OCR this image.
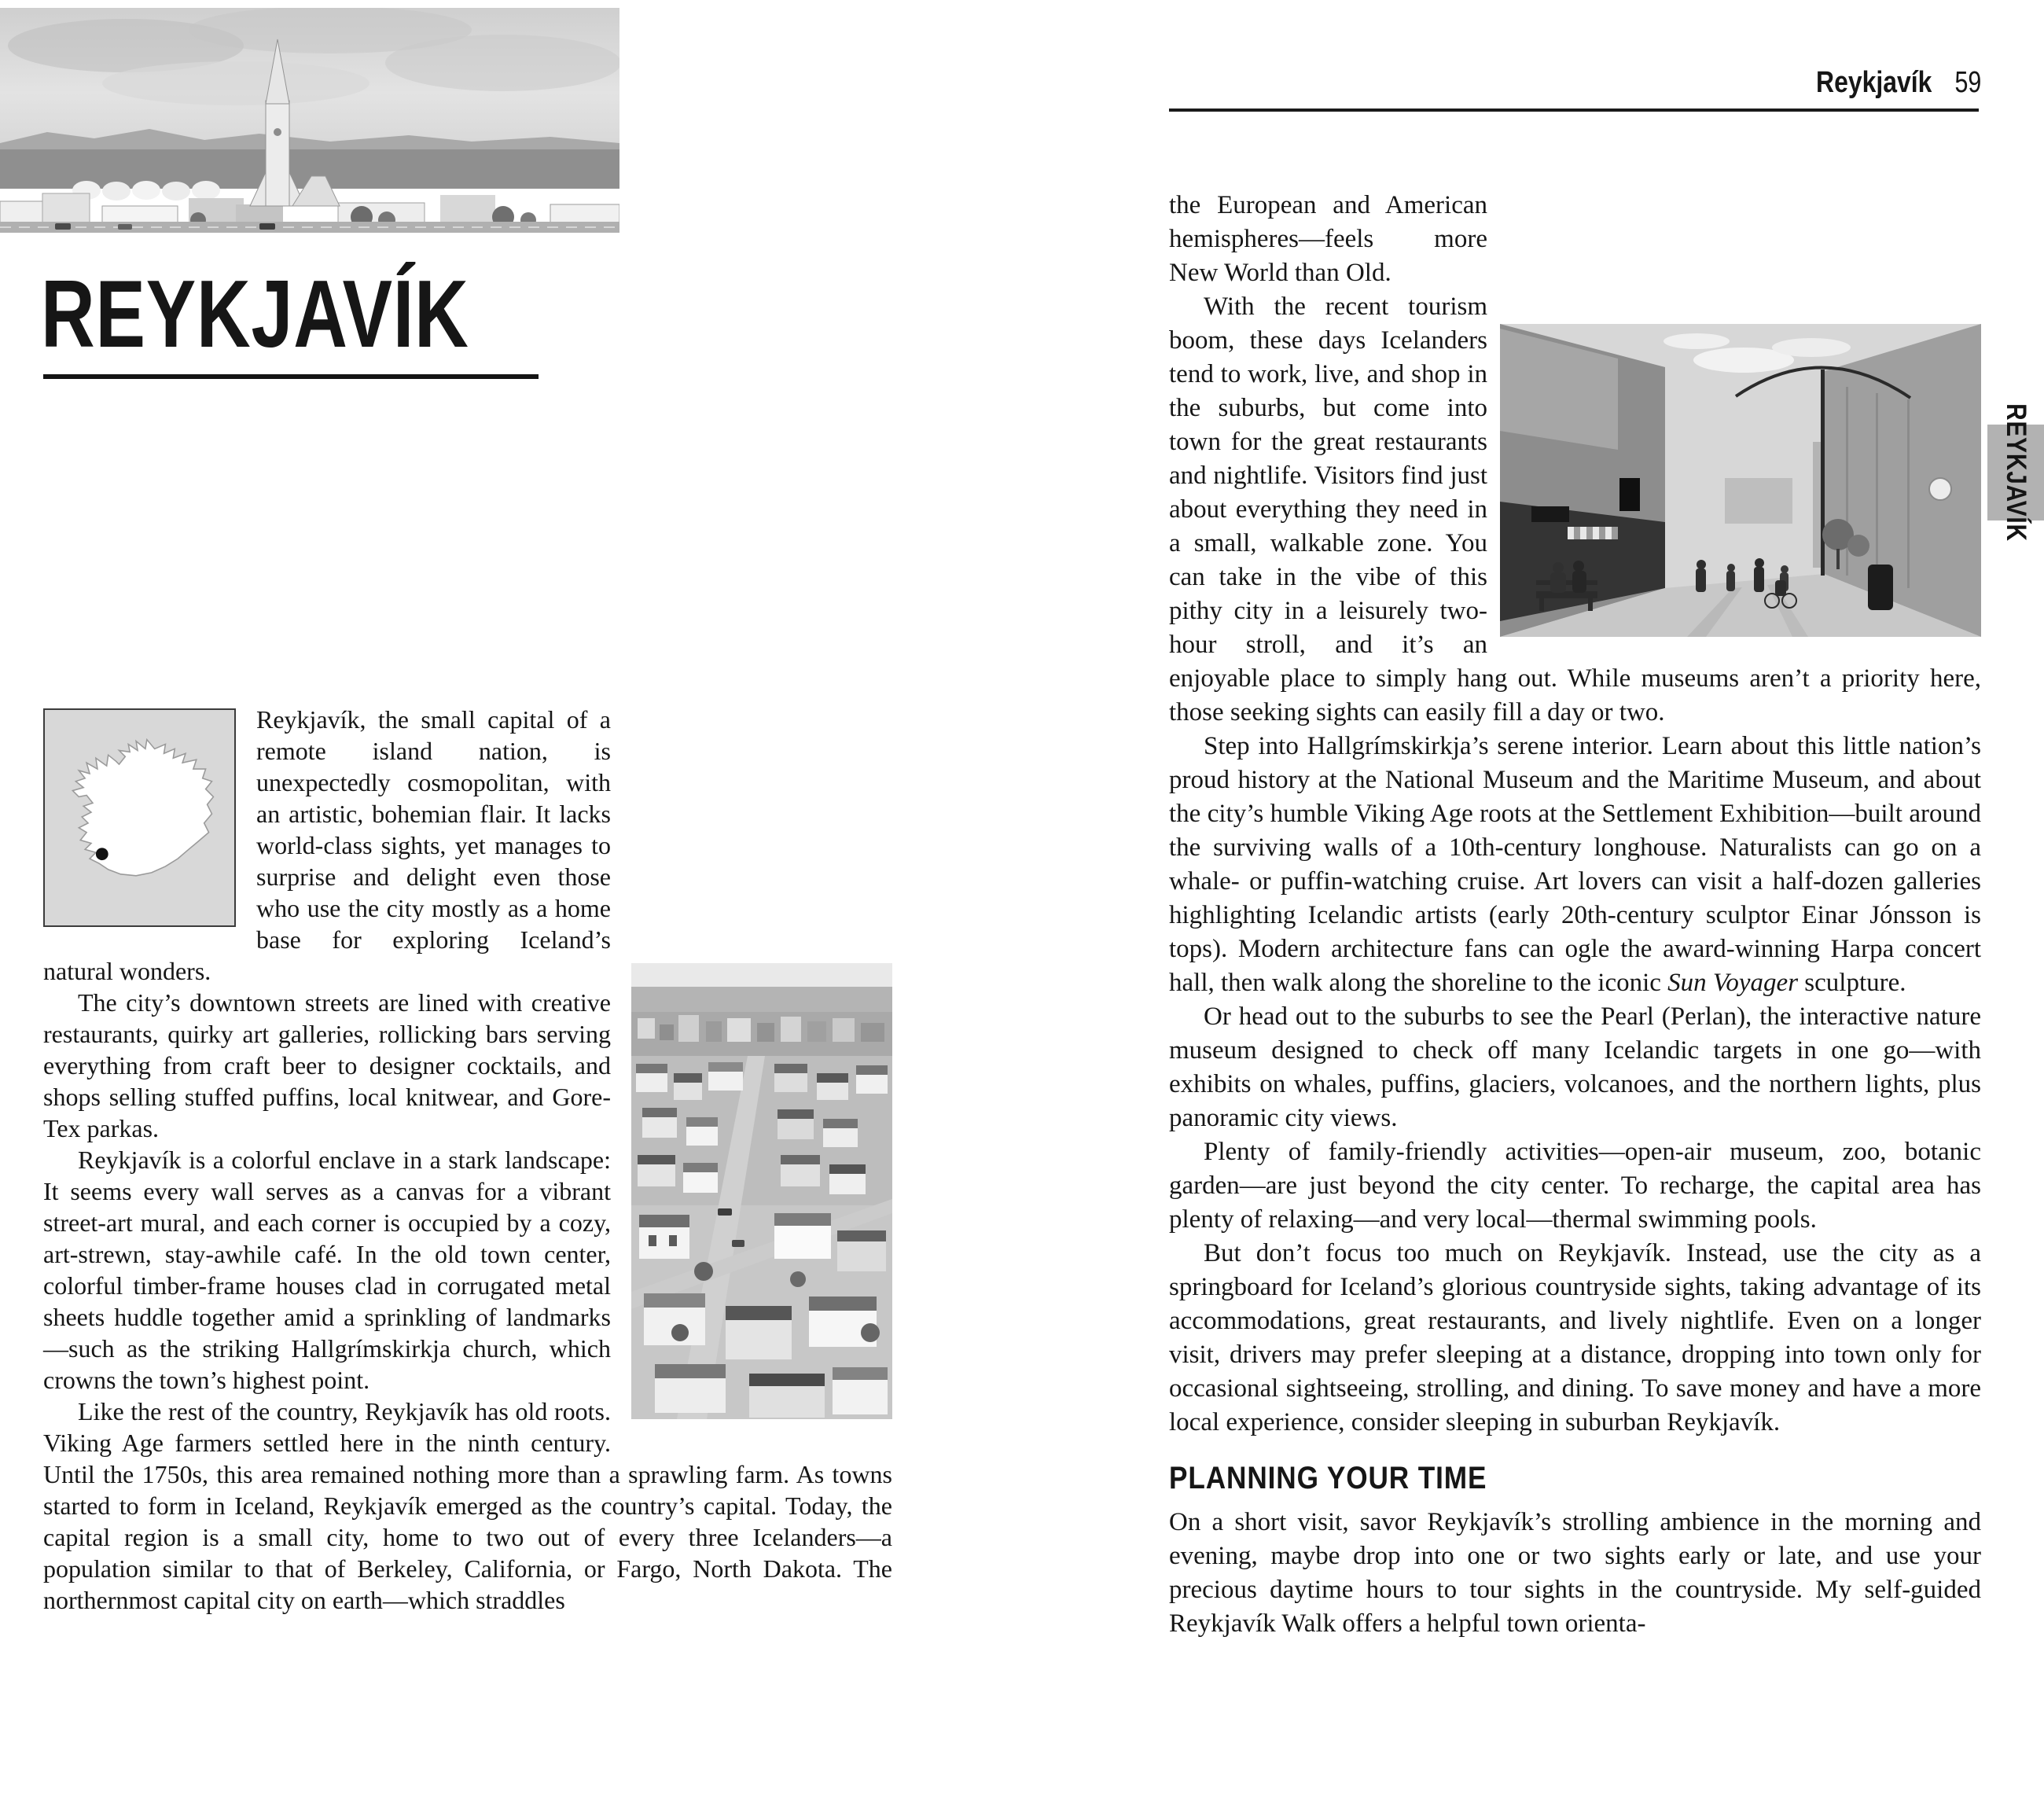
REYKJAVÍK

Reykjavík, the small capital of a remote island nation, is unexpectedly cosmopolitan, with an artistic, bohemian flair. It lacks world-class sights, yet manages to surprise and delight even those who use the city mostly as a home base for exploring Iceland’s natural wonders.

The city’s downtown streets are lined with creative restaurants, quirky art galleries, rollicking bars serving everything from craft beer to designer cocktails, and shops selling stuffed puffins, local knitwear, and Gore-Tex parkas.

Reykjavík is a colorful enclave in a stark landscape: It seems every wall serves as a canvas for a vibrant street-art mural, and each corner is occupied by a cozy, art-strewn, stay-awhile café. In the old town center, colorful timber-frame houses clad in corrugated metal sheets huddle together amid a sprinkling of landmarks—such as the striking Hallgrímskirkja church, which crowns the town’s highest point.

Like the rest of the country, Reykjavík has old roots. Viking Age farmers settled here in the ninth century. Until the 1750s, this area remained nothing more than a sprawling farm. As towns started to form in Iceland, Reykjavík emerged as the country’s capital. Today, the capital region is a small city, home to two out of every three Icelanders—a population similar to that of Berkeley, California, or Fargo, North Dakota. The northernmost capital city on earth—which straddles

Reykjavík 59

the European and American hemispheres—feels more New World than Old.

With the recent tourism boom, these days Icelanders tend to work, live, and shop in the suburbs, but come into town for the great restaurants and nightlife. Visitors find just about everything they need in a small, walkable zone. You can take in the vibe of this pithy city in a leisurely two-hour stroll, and it’s an enjoyable place to simply hang out. While museums aren’t a priority here, those seeking sights can easily fill a day or two.

Step into Hallgrímskirkja’s serene interior. Learn about this little nation’s proud history at the National Museum and the Maritime Museum, and about the city’s humble Viking Age roots at the Settlement Exhibition—built around the surviving walls of a 10th-century longhouse. Naturalists can go on a whale- or puffin-watching cruise. Art lovers can visit a half-dozen galleries highlighting Icelandic artists (early 20th-century sculptor Einar Jónsson is tops). Modern architecture fans can ogle the award-winning Harpa concert hall, then walk along the shoreline to the iconic Sun Voyager sculpture.

Or head out to the suburbs to see the Pearl (Perlan), the interactive nature museum designed to check off many Icelandic targets in one go—with exhibits on whales, puffins, glaciers, volcanoes, and the northern lights, plus panoramic city views.

Plenty of family-friendly activities—open-air museum, zoo, botanic garden—are just beyond the city center. To recharge, the capital area has plenty of relaxing—and very local—thermal swimming pools.

But don’t focus too much on Reykjavík. Instead, use the city as a springboard for Iceland’s glorious countryside sights, taking advantage of its accommodations, great restaurants, and lively nightlife. Even on a longer visit, drivers may prefer sleeping at a distance, dropping into town only for occasional sightseeing, strolling, and dining. To save money and have a more local experience, consider sleeping in suburban Reykjavík.

PLANNING YOUR TIME

On a short visit, savor Reykjavík’s strolling ambience in the morning and evening, maybe drop into one or two sights early or late, and use your precious daytime hours to tour sights in the countryside. My self-guided Reykjavík Walk offers a helpful town orienta-

REYKJAVÍK
